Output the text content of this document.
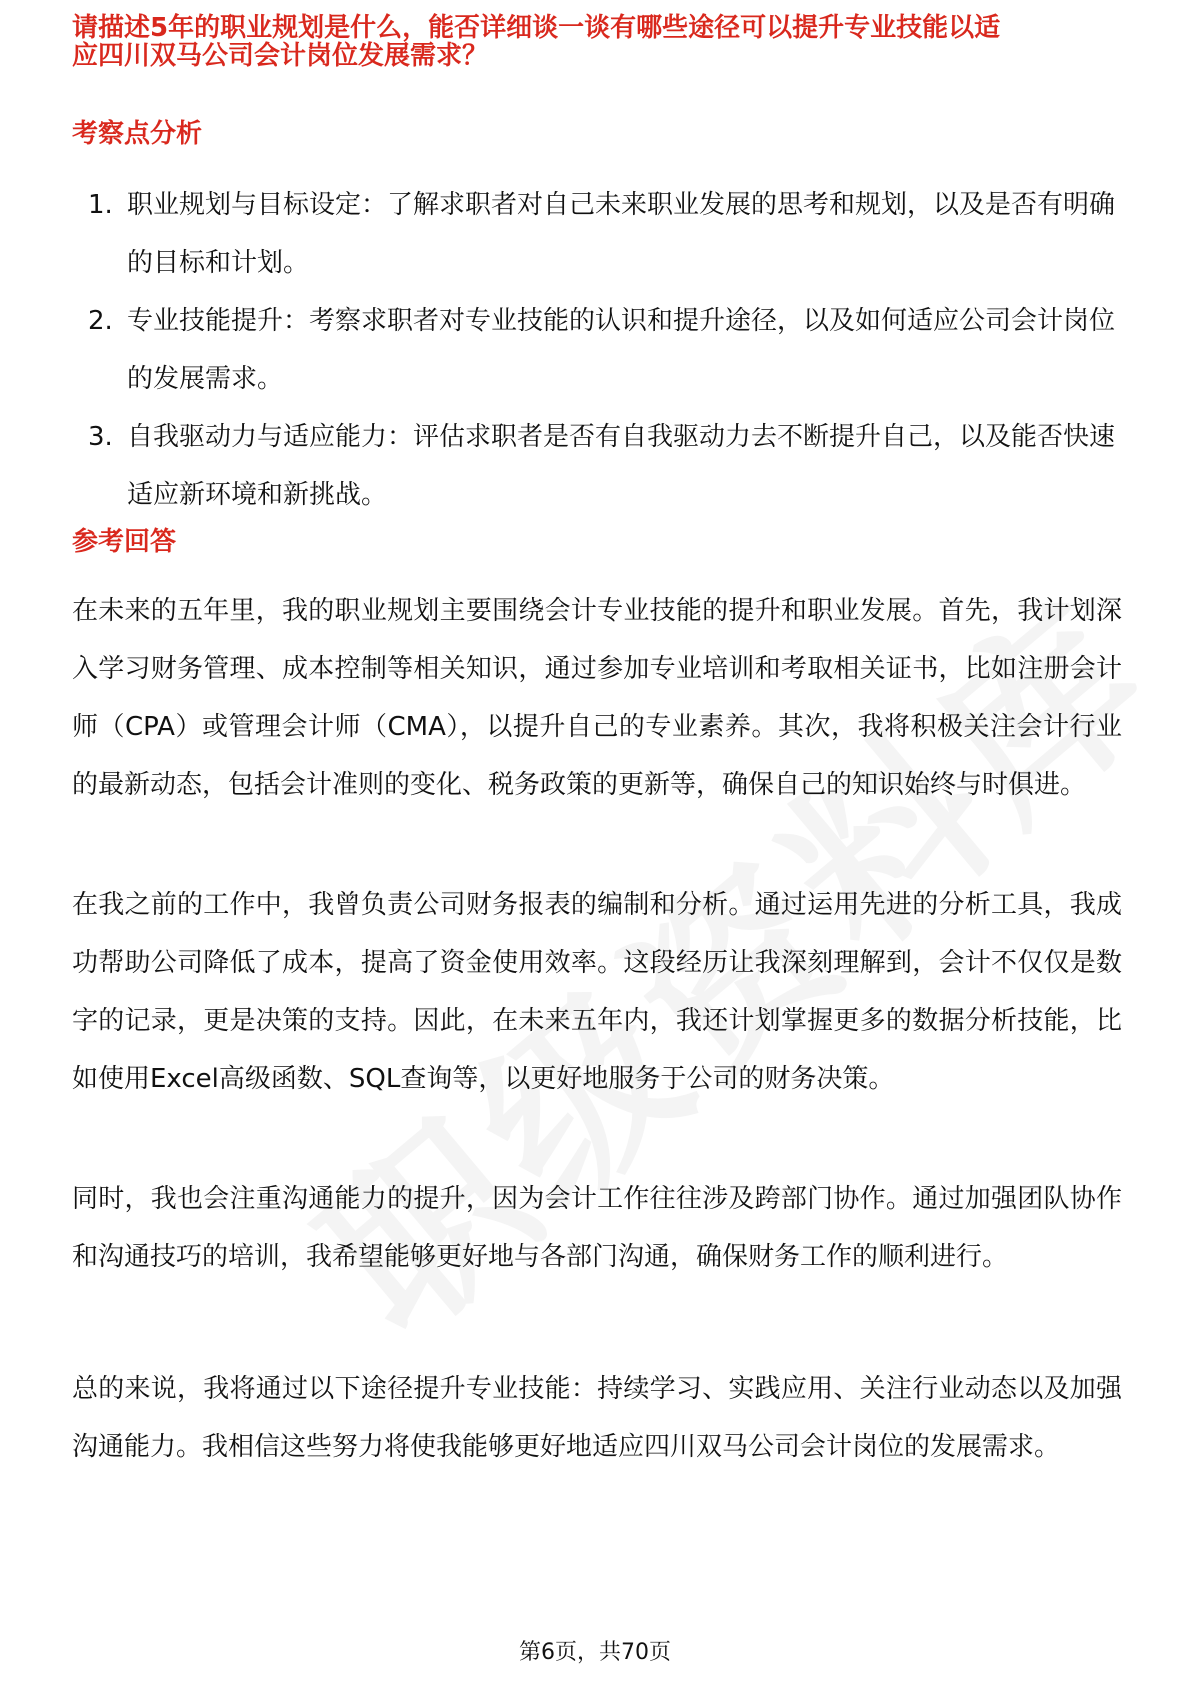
请描述5年的职业规划是什么，能否详细谈一谈有哪些途径可以提升专业技能以适
应四川双马公司会计岗位发展需求？
考察点分析
1. 职业规划与目标设定：了解求职者对自己未来职业发展的思考和规划，以及是否有明确的目标和计划。
2. 专业技能提升：考察求职者对专业技能的认识和提升途径，以及如何适应公司会计岗位的发展需求。
3. 自我驱动力与适应能力：评估求职者是否有自我驱动力去不断提升自己，以及能否快速适应新环境和新挑战。
参考回答

在未来的五年里，我的职业规划主要围绕会计专业技能的提升和职业发展。首先，我计划深入学习财务管理、成本控制等相关知识，通过参加专业培训和考取相关证书，比如注册会计师（CPA）或管理会计师（CMA），以提升自己的专业素养。其次，我将积极关注会计行业的最新动态，包括会计准则的变化、税务政策的更新等，确保自己的知识始终与时俱进。

在我之前的工作中，我曾负责公司财务报表的编制和分析。通过运用先进的分析工具，我成功帮助公司降低了成本，提高了资金使用效率。这段经历让我深刻理解到，会计不仅仅是数字的记录，更是决策的支持。因此，在未来五年内，我还计划掌握更多的数据分析技能，比如使用Excel高级函数、SQL查询等，以更好地服务于公司的财务决策。

同时，我也会注重沟通能力的提升，因为会计工作往往涉及跨部门协作。通过加强团队协作和沟通技巧的培训，我希望能够更好地与各部门沟通，确保财务工作的顺利进行。

总的来说，我将通过以下途径提升专业技能：持续学习、实践应用、关注行业动态以及加强沟通能力。我相信这些努力将使我能够更好地适应四川双马公司会计岗位的发展需求。

第6页，共70页
